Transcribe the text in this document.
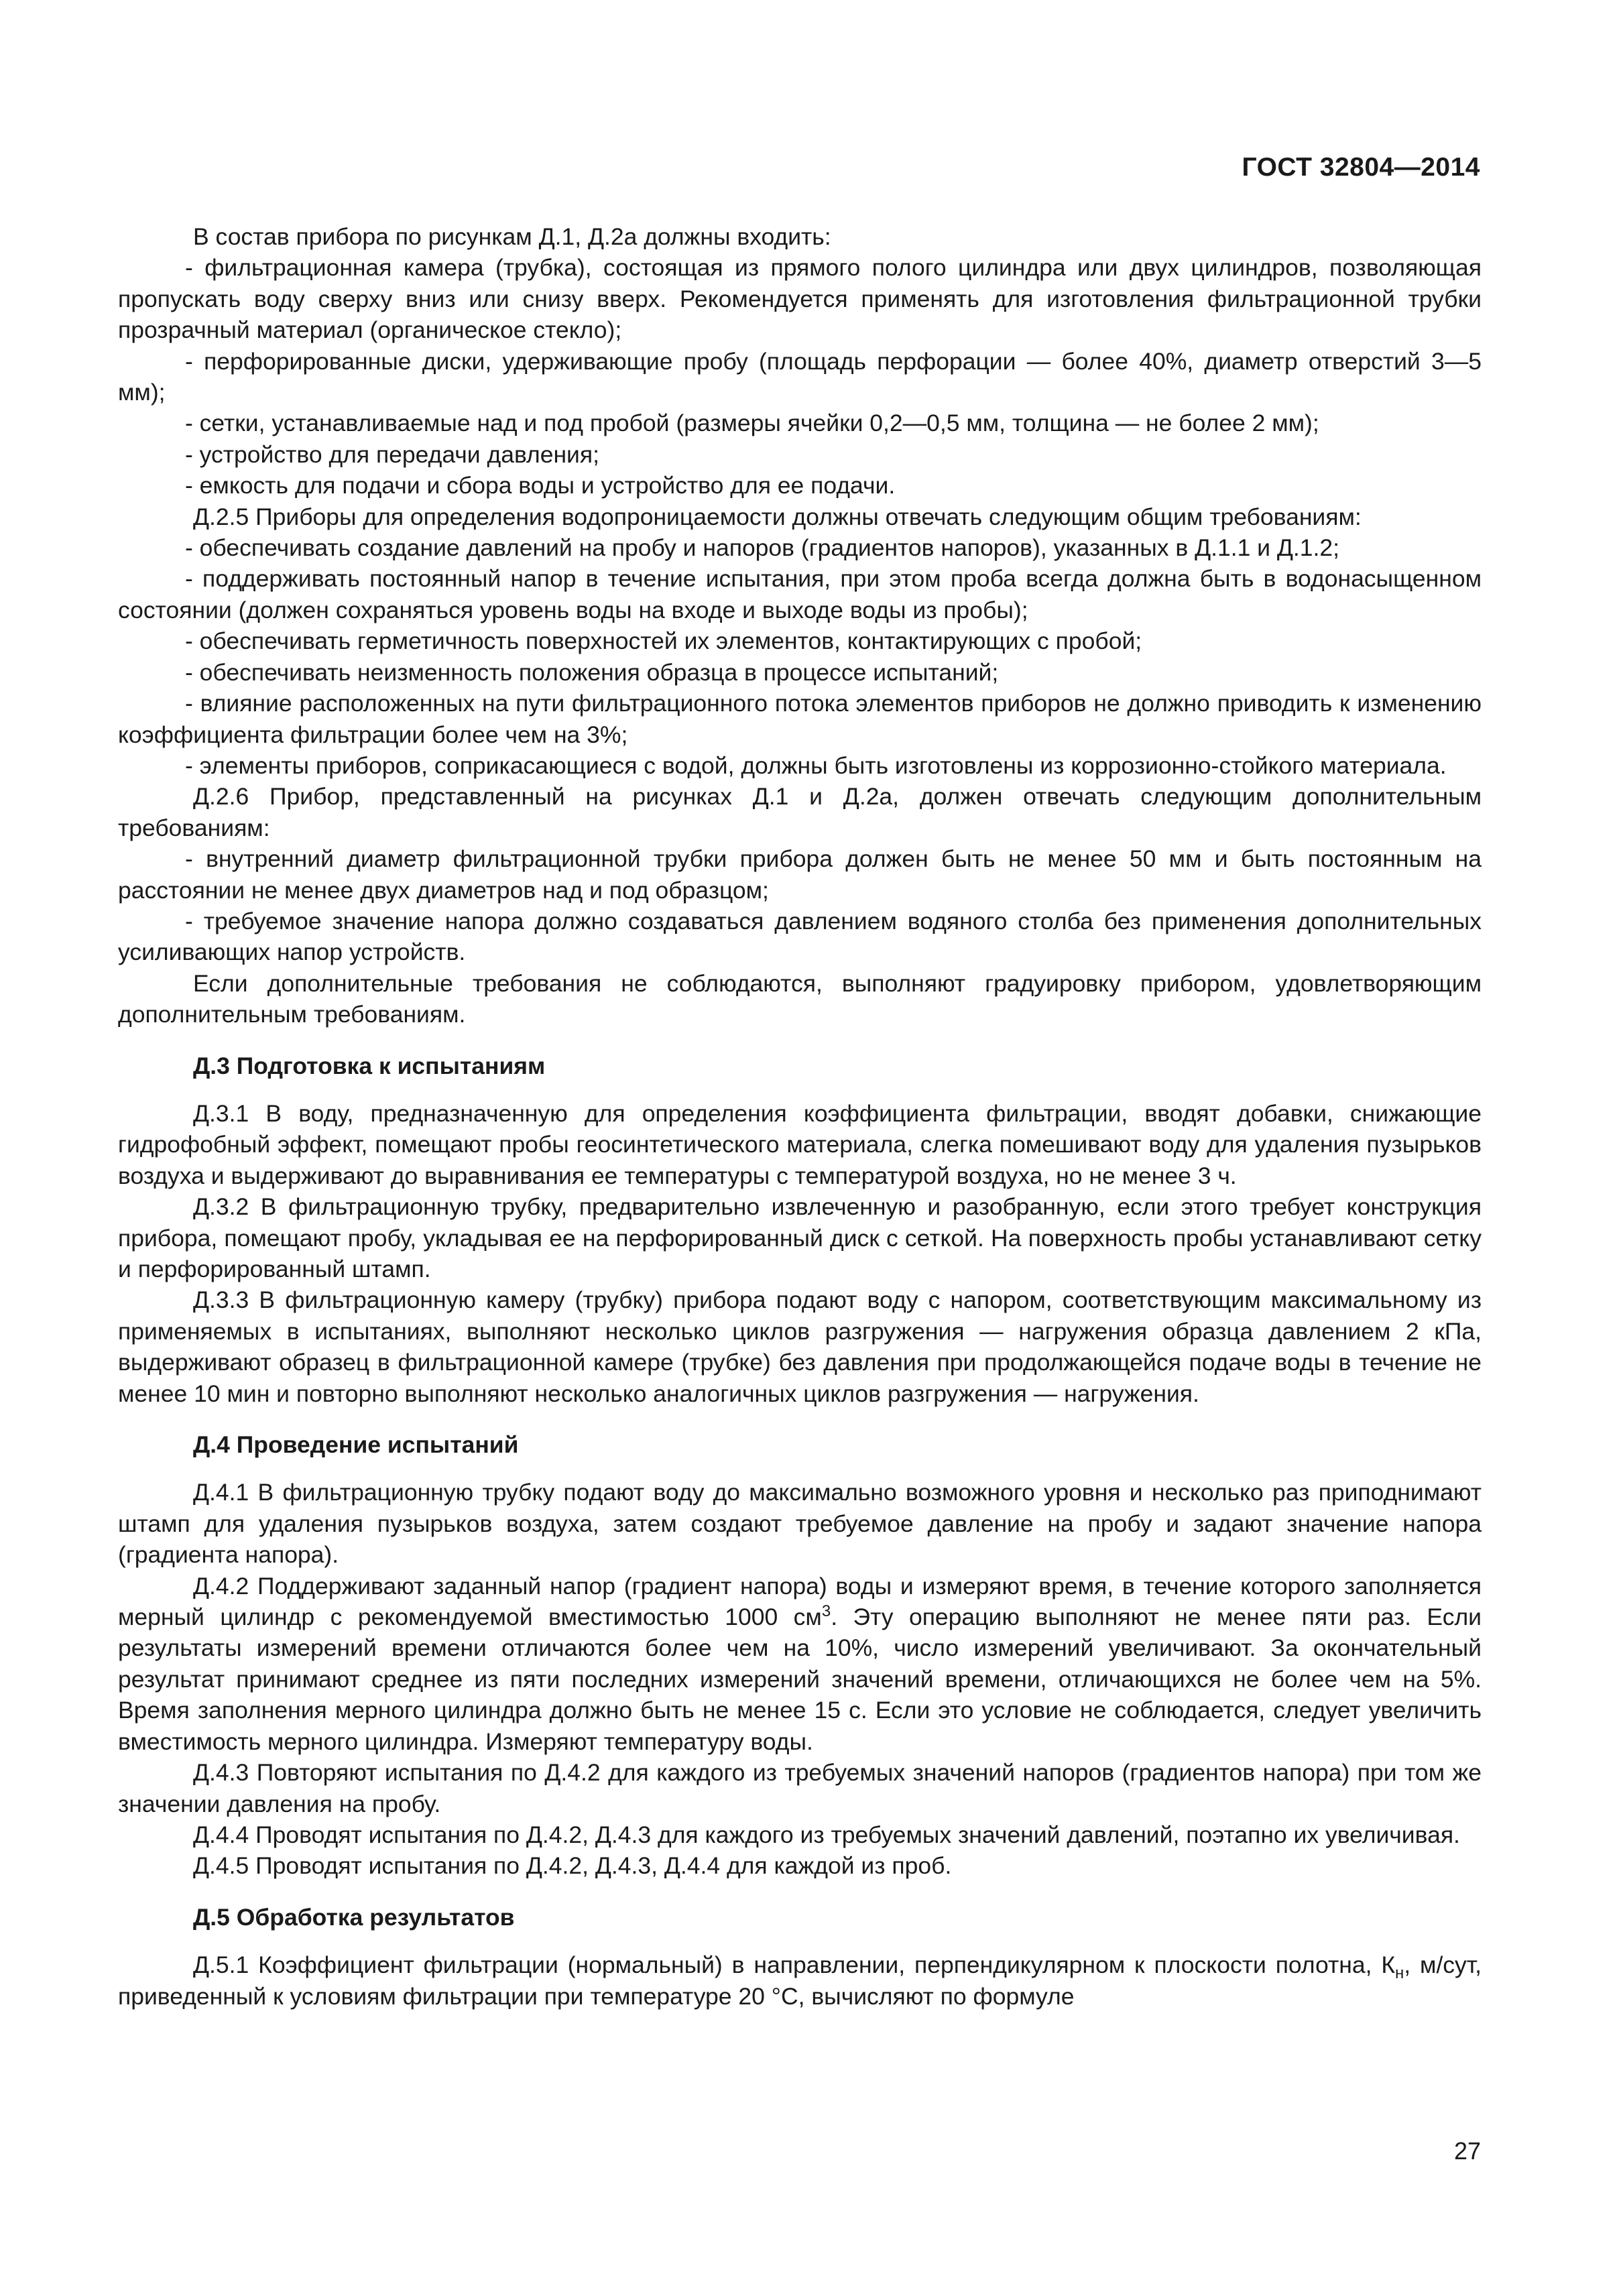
ГОСТ 32804—2014

В состав прибора по рисункам Д.1, Д.2а должны входить:

- фильтрационная камера (трубка), состоящая из прямого полого цилиндра или двух цилиндров, позволяющая пропускать воду сверху вниз или снизу вверх. Рекомендуется применять для изготовления фильтрационной трубки прозрачный материал (органическое стекло);

- перфорированные диски, удерживающие пробу (площадь перфорации — более 40%, диаметр отверстий 3—5 мм);

- сетки, устанавливаемые над и под пробой (размеры ячейки 0,2—0,5 мм, толщина — не более 2 мм);

- устройство для передачи давления;

- емкость для подачи и сбора воды и устройство для ее подачи.

Д.2.5 Приборы для определения водопроницаемости должны отвечать следующим общим требованиям:

- обеспечивать создание давлений на пробу и напоров (градиентов напоров), указанных в Д.1.1 и Д.1.2;

- поддерживать постоянный напор в течение испытания, при этом проба всегда должна быть в водонасыщенном состоянии (должен сохраняться уровень воды на входе и выходе воды из пробы);

- обеспечивать герметичность поверхностей их элементов, контактирующих с пробой;

- обеспечивать неизменность положения образца в процессе испытаний;

- влияние расположенных на пути фильтрационного потока элементов приборов не должно приводить к изменению коэффициента фильтрации более чем на 3%;

- элементы приборов, соприкасающиеся с водой, должны быть изготовлены из коррозионно-стойкого материала.

Д.2.6 Прибор, представленный на рисунках Д.1 и Д.2а, должен отвечать следующим дополнительным требованиям:

- внутренний диаметр фильтрационной трубки прибора должен быть не менее 50 мм и быть постоянным на расстоянии не менее двух диаметров над и под образцом;

- требуемое значение напора должно создаваться давлением водяного столба без применения дополнительных усиливающих напор устройств.

Если дополнительные требования не соблюдаются, выполняют градуировку прибором, удовлетворяющим дополнительным требованиям.

Д.3 Подготовка к испытаниям

Д.3.1 В воду, предназначенную для определения коэффициента фильтрации, вводят добавки, снижающие гидрофобный эффект, помещают пробы геосинтетического материала, слегка помешивают воду для удаления пузырьков воздуха и выдерживают до выравнивания ее температуры с температурой воздуха, но не менее 3 ч.

Д.3.2 В фильтрационную трубку, предварительно извлеченную и разобранную, если этого требует конструкция прибора, помещают пробу, укладывая ее на перфорированный диск с сеткой. На поверхность пробы устанавливают сетку и перфорированный штамп.

Д.3.3 В фильтрационную камеру (трубку) прибора подают воду с напором, соответствующим максимальному из применяемых в испытаниях, выполняют несколько циклов разгружения — нагружения образца давлением 2 кПа, выдерживают образец в фильтрационной камере (трубке) без давления при продолжающейся подаче воды в течение не менее 10 мин и повторно выполняют несколько аналогичных циклов разгружения — нагружения.

Д.4 Проведение испытаний

Д.4.1 В фильтрационную трубку подают воду до максимально возможного уровня и несколько раз приподнимают штамп для удаления пузырьков воздуха, затем создают требуемое давление на пробу и задают значение напора (градиента напора).

Д.4.2 Поддерживают заданный напор (градиент напора) воды и измеряют время, в течение которого заполняется мерный цилиндр с рекомендуемой вместимостью 1000 $см^3$. Эту операцию выполняют не менее пяти раз. Если результаты измерений времени отличаются более чем на 10%, число измерений увеличивают. За окончательный результат принимают среднее из пяти последних измерений значений времени, отличающихся не более чем на 5%. Время заполнения мерного цилиндра должно быть не менее 15 с. Если это условие не соблюдается, следует увеличить вместимость мерного цилиндра. Измеряют температуру воды.

Д.4.3 Повторяют испытания по Д.4.2 для каждого из требуемых значений напоров (градиентов напора) при том же значении давления на пробу.

Д.4.4 Проводят испытания по Д.4.2, Д.4.3 для каждого из требуемых значений давлений, поэтапно их увеличивая.

Д.4.5 Проводят испытания по Д.4.2, Д.4.3, Д.4.4 для каждой из проб.

Д.5 Обработка результатов

Д.5.1 Коэффициент фильтрации (нормальный) в направлении, перпендикулярном к плоскости полотна, $К_н$, м/сут, приведенный к условиям фильтрации при температуре 20 °С, вычисляют по формуле

27
